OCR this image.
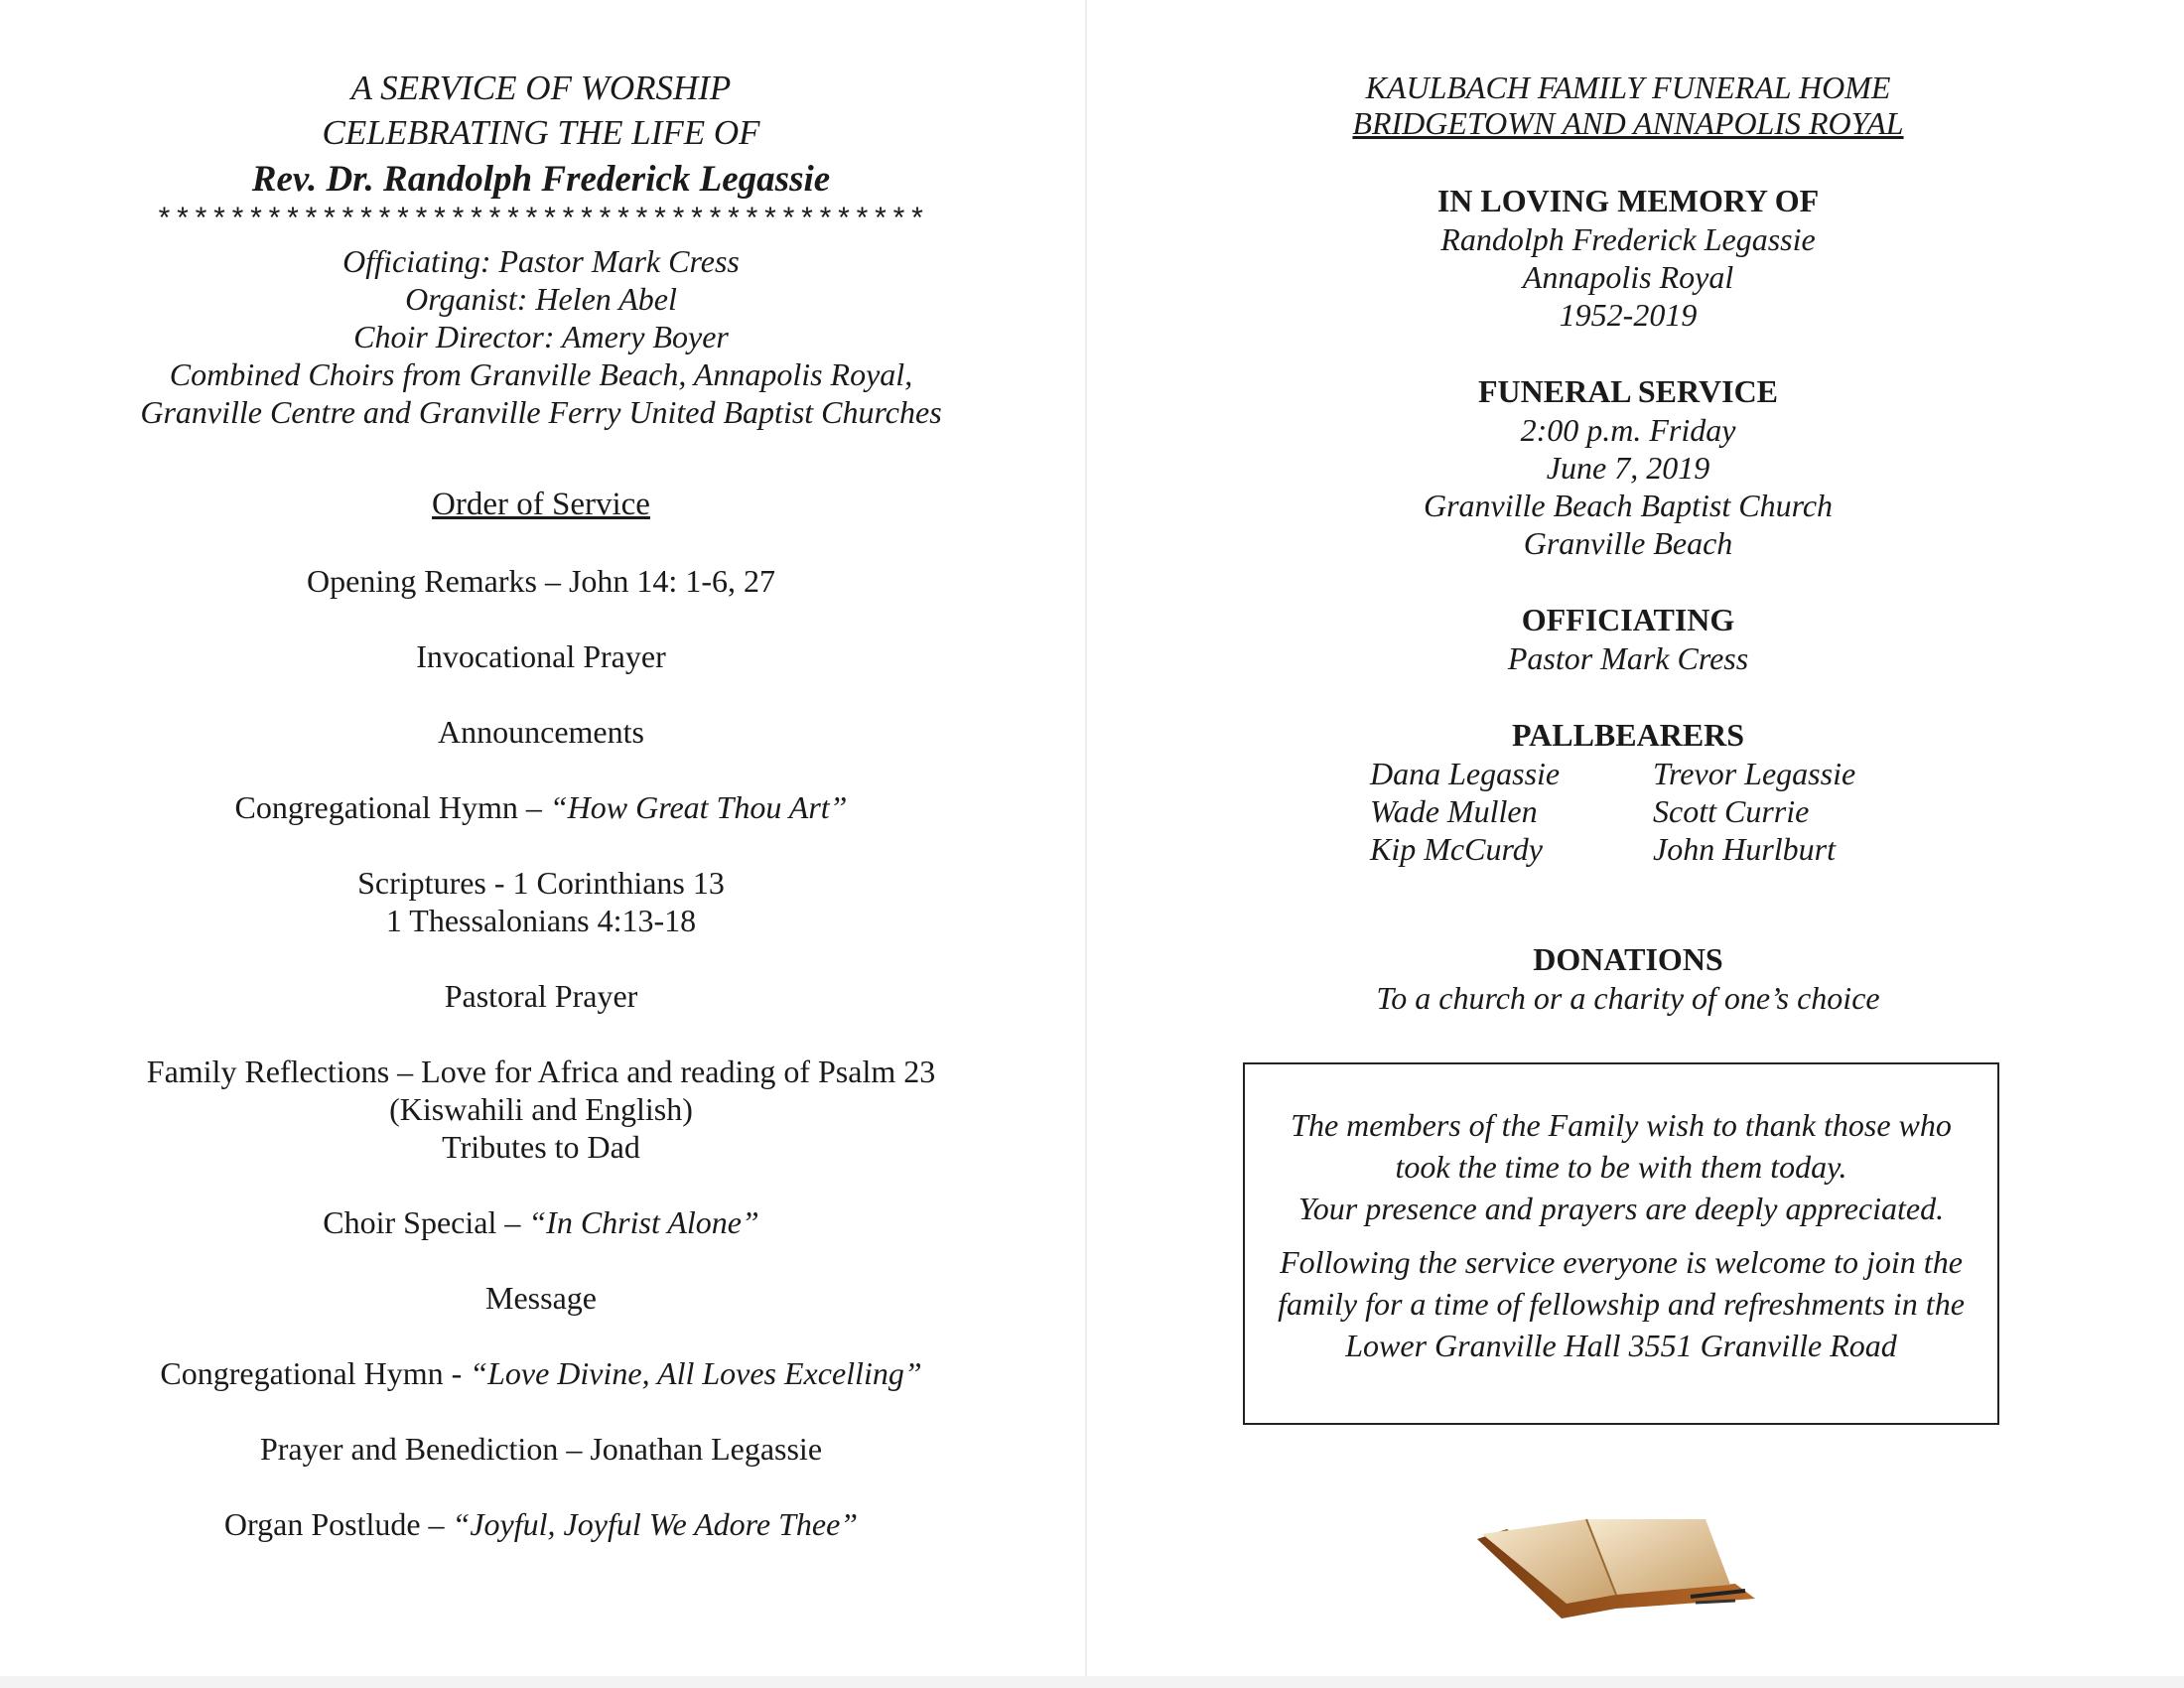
A SERVICE OF WORSHIP

CELEBRATING THE LIFE OF

Rev. Dr. Randolph Frederick Legassie

******************************************

Officiating: Pastor Mark Cress

Organist: Helen Abel

Choir Director: Amery Boyer

Combined Choirs from Granville Beach, Annapolis Royal,

Granville Centre and Granville Ferry United Baptist Churches

Order of Service

Opening Remarks – John 14: 1-6, 27
Invocational Prayer
Announcements
Congregational Hymn – “How Great Thou Art”
Scriptures - 1 Corinthians 13
1 Thessalonians 4:13-18
Pastoral Prayer
Family Reflections – Love for Africa and reading of Psalm 23
(Kiswahili and English)
Tributes to Dad
Choir Special – “In Christ Alone”
Message
Congregational Hymn - “Love Divine, All Loves Excelling”
Prayer and Benediction – Jonathan Legassie
Organ Postlude – “Joyful, Joyful We Adore Thee”

KAULBACH FAMILY FUNERAL HOME

BRIDGETOWN AND ANNAPOLIS ROYAL

IN LOVING MEMORY OF

Randolph Frederick Legassie

Annapolis Royal

1952-2019

FUNERAL SERVICE

2:00 p.m. Friday

June 7, 2019

Granville Beach Baptist Church

Granville Beach

OFFICIATING

Pastor Mark Cress

PALLBEARERS

Dana Legassie	Trevor Legassie
Wade Mullen	Scott Currie
Kip McCurdy	John Hurlburt

DONATIONS

To a church or a charity of one’s choice

The members of the Family wish to thank those who

took the time to be with them today.

Your presence and prayers are deeply appreciated.

Following the service everyone is welcome to join the

family for a time of fellowship and refreshments in the

Lower Granville Hall 3551 Granville Road
